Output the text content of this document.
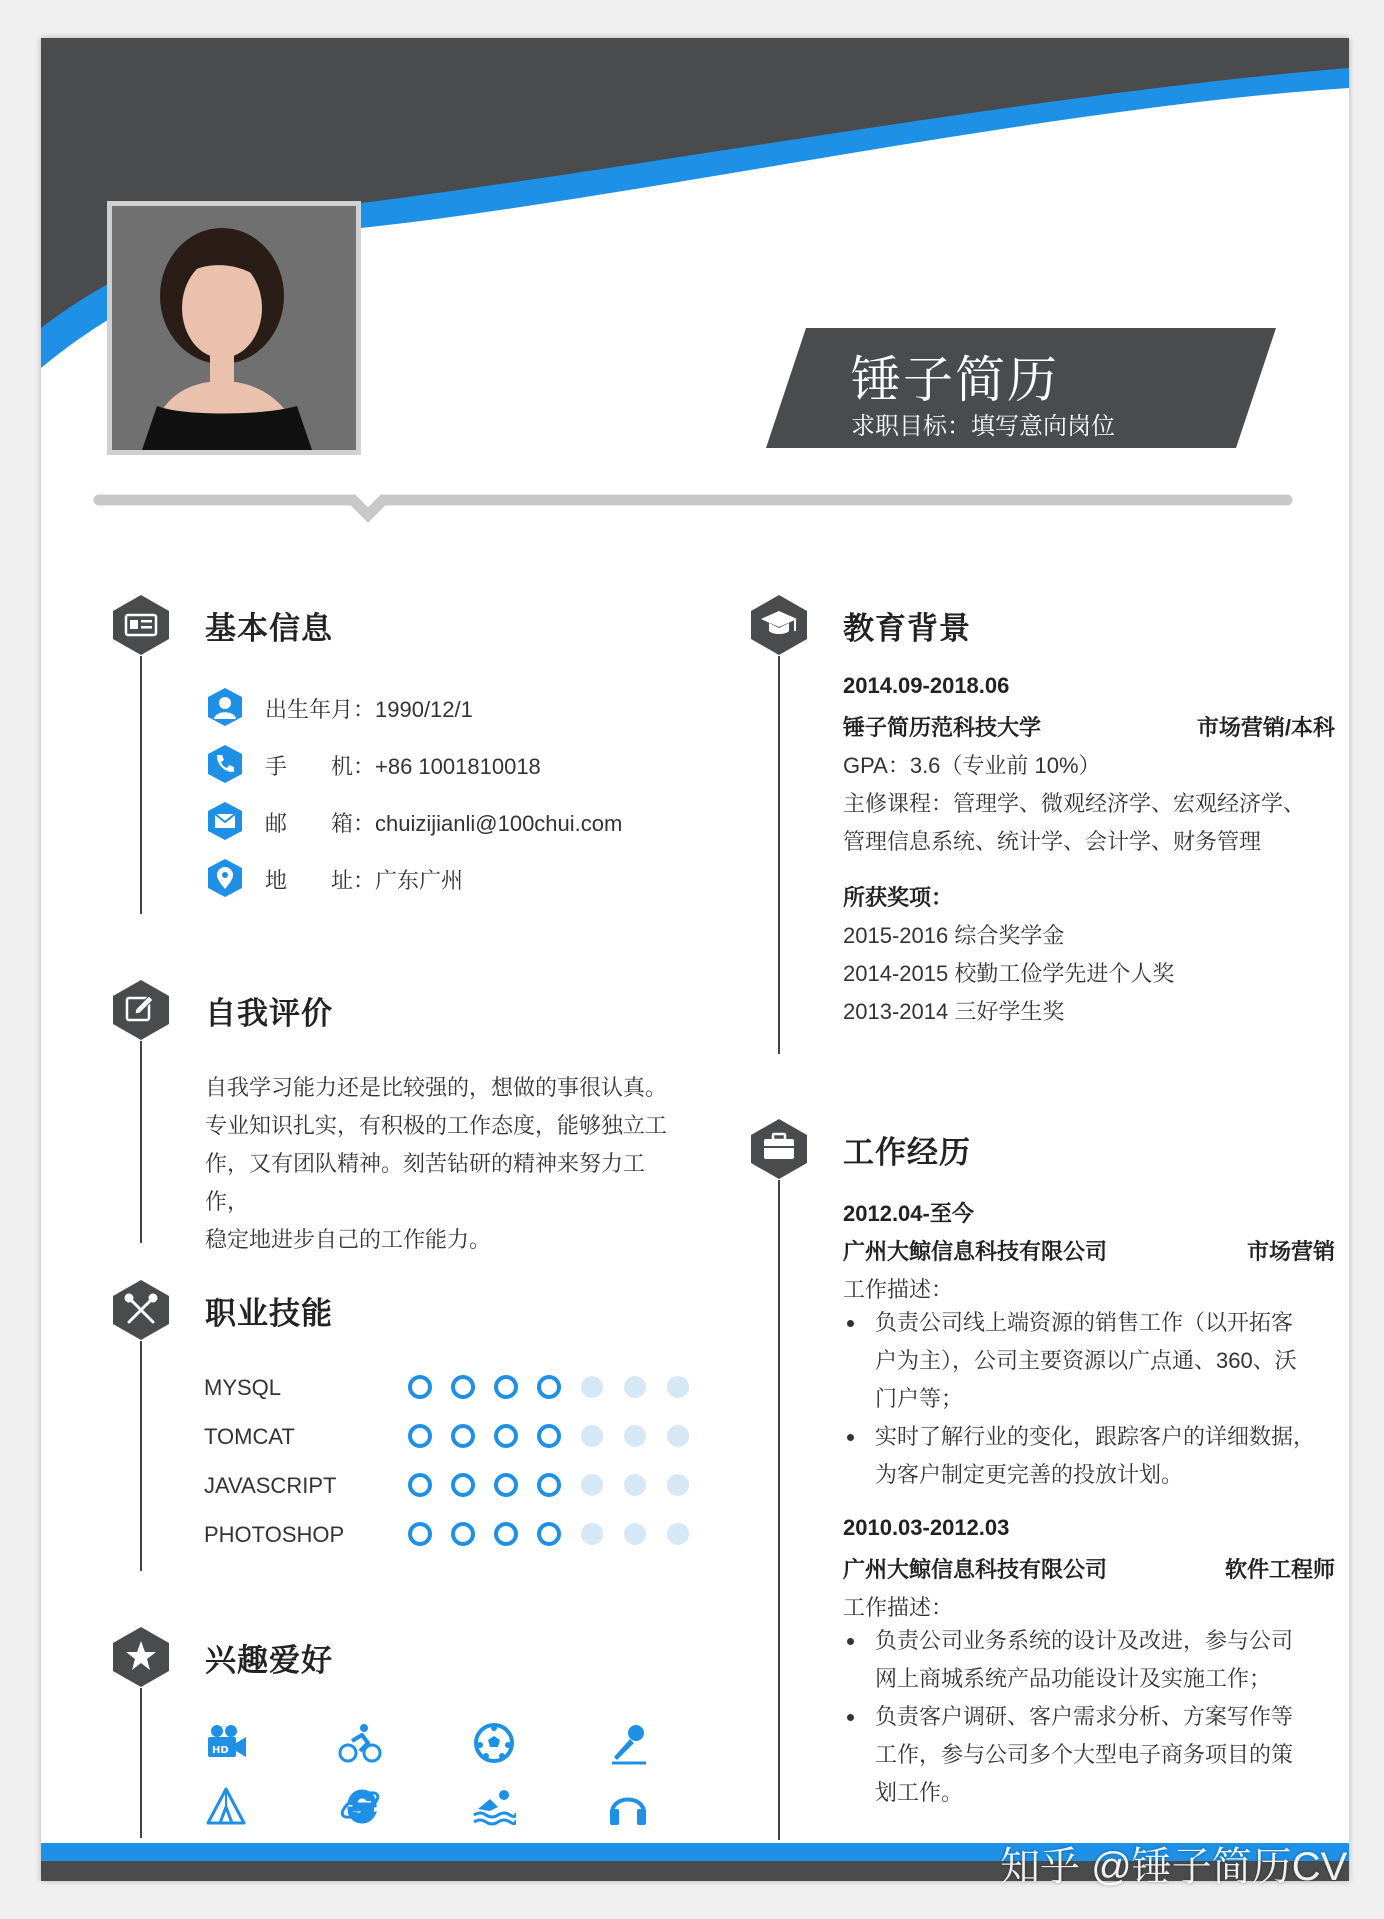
锤子简历
求职目标：填写意向岗位
基本信息
出生年月：1990/12/1
手　　机：+86 1001810018
邮　　箱：chuizijianli@100chui.com
地　　址：广东广州
自我评价
自我学习能力还是比较强的，想做的事很认真。
专业知识扎实，有积极的工作态度，能够独立工
作，又有团队精神。刻苦钻研的精神来努力工作，
稳定地进步自己的工作能力。
职业技能
MYSQL
TOMCAT
JAVASCRIPT
PHOTOSHOP
兴趣爱好
HD
教育背景
2014.09-2018.06
锤子简历范科技大学	市场营销/本科
GPA：3.6（专业前 10%）
主修课程：管理学、微观经济学、宏观经济学、
管理信息系统、统计学、会计学、财务管理
所获奖项：
2015-2016 综合奖学金
2014-2015 校勤工俭学先进个人奖
2013-2014 三好学生奖
工作经历
2012.04-至今
广州大鲸信息科技有限公司	市场营销
工作描述：
负责公司线上端资源的销售工作（以开拓客
户为主），公司主要资源以广点通、360、沃
门户等；
实时了解行业的变化，跟踪客户的详细数据，
为客户制定更完善的投放计划。
2010.03-2012.03
广州大鲸信息科技有限公司	软件工程师
工作描述：
负责公司业务系统的设计及改进，参与公司
网上商城系统产品功能设计及实施工作；
负责客户调研、客户需求分析、方案写作等
工作，参与公司多个大型电子商务项目的策
划工作。
知乎 @锤子简历CV
